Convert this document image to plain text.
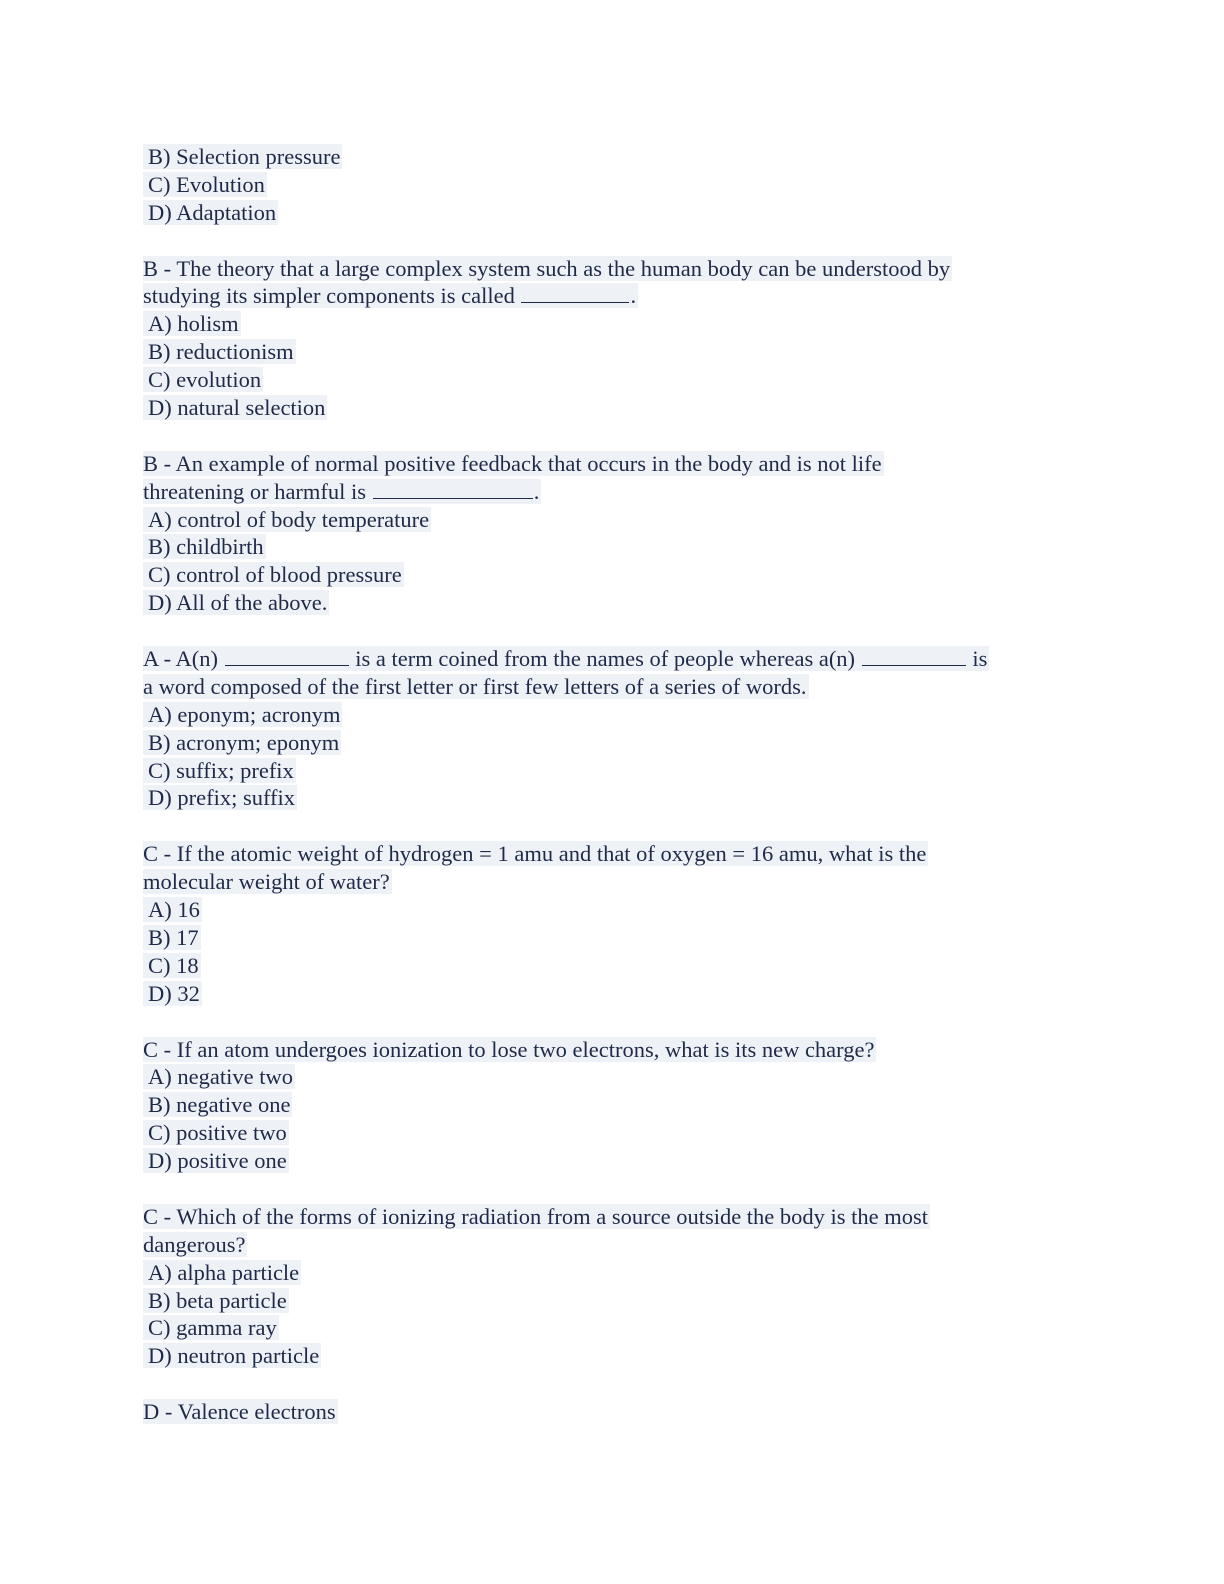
B) Selection pressure
C) Evolution
D) Adaptation
B - The theory that a large complex system such as the human body can be understood by
studying its simpler components is called	.
A) holism
B) reductionism
C) evolution
D) natural selection
B - An example of normal positive feedback that occurs in the body and is not life
threatening or harmful is	.
A) control of body temperature
B) childbirth
C) control of blood pressure
D) All of the above.
A - A(n)	is a term coined from the names of people whereas a(n)	is
a word composed of the first letter or first few letters of a series of words.
A) eponym; acronym
B) acronym; eponym
C) suffix; prefix
D) prefix; suffix
C - If the atomic weight of hydrogen = 1 amu and that of oxygen = 16 amu, what is the
molecular weight of water?
A) 16
B) 17
C) 18
D) 32
C - If an atom undergoes ionization to lose two electrons, what is its new charge?
A) negative two
B) negative one
C) positive two
D) positive one
C - Which of the forms of ionizing radiation from a source outside the body is the most
dangerous?
A) alpha particle
B) beta particle
C) gamma ray
D) neutron particle
D - Valence electrons
